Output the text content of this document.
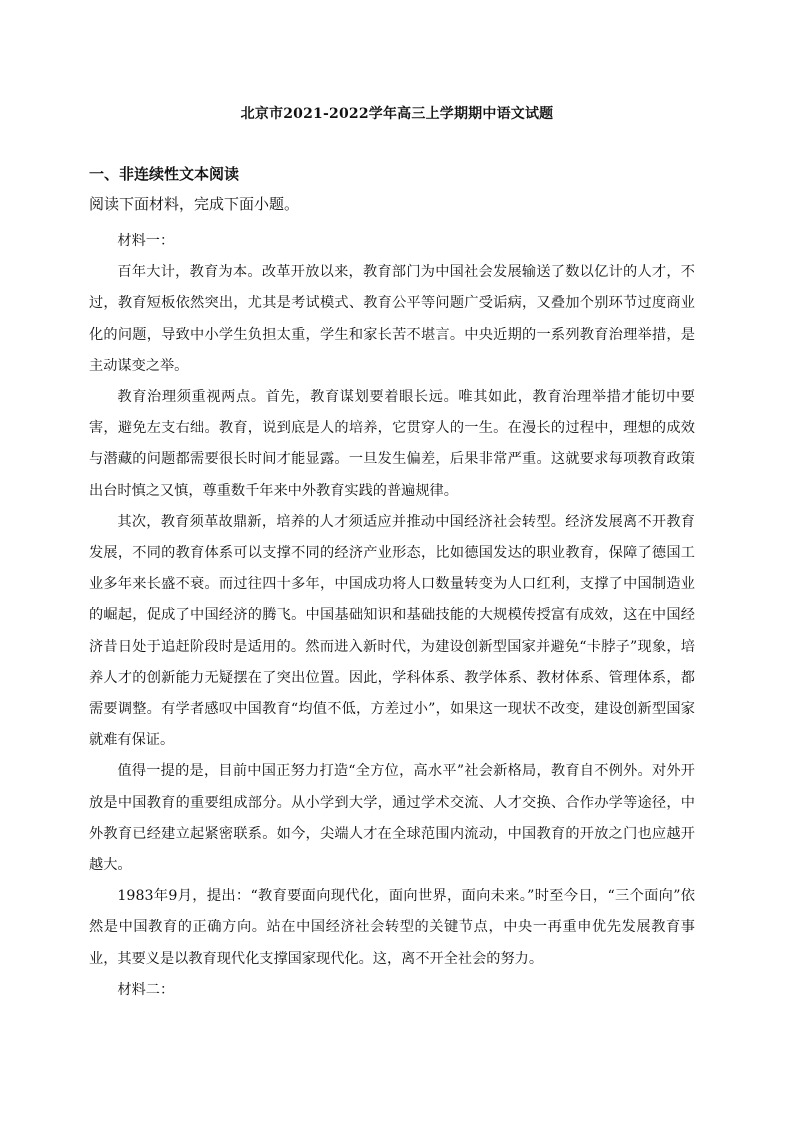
北京市2021-2022学年高三上学期期中语文试题
一、非连续性文本阅读
阅读下面材料，完成下面小题。

材料一：

百年大计，教育为本。改革开放以来，教育部门为中国社会发展输送了数以亿计的人才，不过，教育短板依然突出，尤其是考试模式、教育公平等问题广受诟病，又叠加个别环节过度商业化的问题，导致中小学生负担太重，学生和家长苦不堪言。中央近期的一系列教育治理举措，是主动谋变之举。

教育治理须重视两点。首先，教育谋划要着眼长远。唯其如此，教育治理举措才能切中要害，避免左支右绌。教育，说到底是人的培养，它贯穿人的一生。在漫长的过程中，理想的成效与潜藏的问题都需要很长时间才能显露。一旦发生偏差，后果非常严重。这就要求每项教育政策出台时慎之又慎，尊重数千年来中外教育实践的普遍规律。

其次，教育须革故鼎新，培养的人才须适应并推动中国经济社会转型。经济发展离不开教育发展，不同的教育体系可以支撑不同的经济产业形态，比如德国发达的职业教育，保障了德国工业多年来长盛不衰。而过往四十多年，中国成功将人口数量转变为人口红利，支撑了中国制造业的崛起，促成了中国经济的腾飞。中国基础知识和基础技能的大规模传授富有成效，这在中国经济昔日处于追赶阶段时是适用的。然而进入新时代，为建设创新型国家并避免“卡脖子”现象，培养人才的创新能力无疑摆在了突出位置。因此，学科体系、教学体系、教材体系、管理体系，都需要调整。有学者感叹中国教育“均值不低，方差过小”，如果这一现状不改变，建设创新型国家就难有保证。

值得一提的是，目前中国正努力打造“全方位，高水平”社会新格局，教育自不例外。对外开放是中国教育的重要组成部分。从小学到大学，通过学术交流、人才交换、合作办学等途径，中外教育已经建立起紧密联系。如今，尖端人才在全球范围内流动，中国教育的开放之门也应越开越大。

1983年9月，提出：“教育要面向现代化，面向世界，面向未来。”时至今日，“三个面向”依然是中国教育的正确方向。站在中国经济社会转型的关键节点，中央一再重申优先发展教育事业，其要义是以教育现代化支撑国家现代化。这，离不开全社会的努力。

材料二：
